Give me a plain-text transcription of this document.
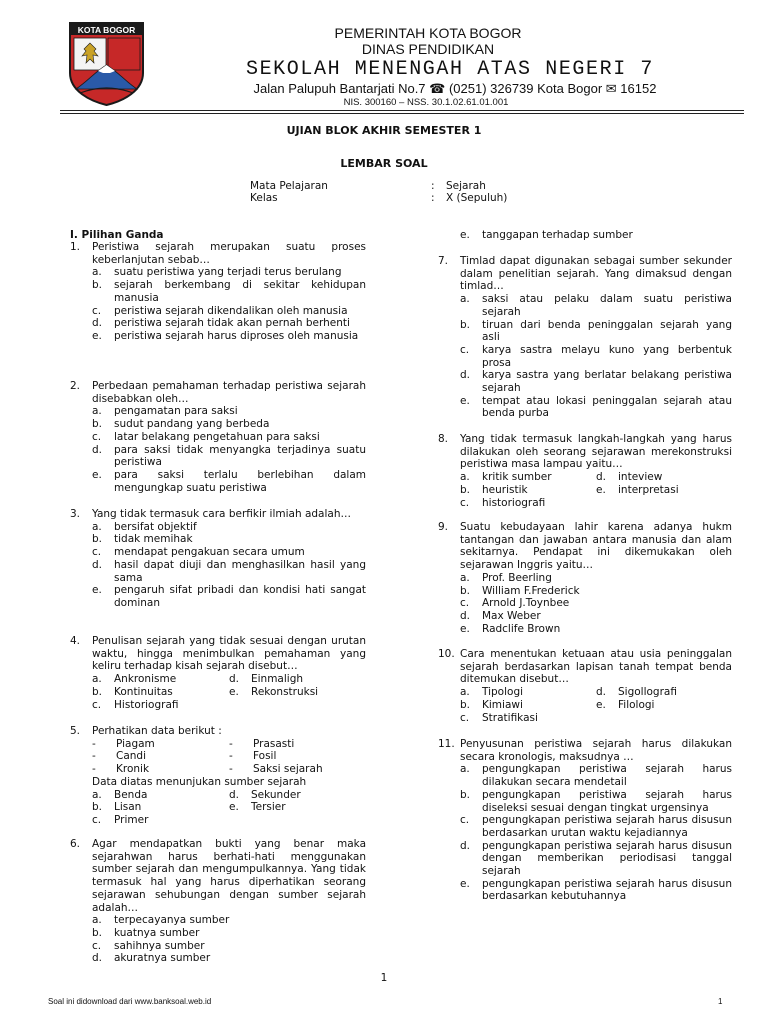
KOTA BOGOR	PEMERINTAH KOTA BOGOR
DINAS PENDIDIKAN
SEKOLAH MENENGAH ATAS NEGERI 7
Jalan Palupuh Bantarjati No.7 ☎ (0251) 326739 Kota Bogor ✉ 16152
NIS. 300160 – NSS. 30.1.02.61.01.001
UJIAN BLOK AKHIR SEMESTER 1
LEMBAR SOAL
Mata Pelajaran	: Sejarah
Kelas	: X (Sepuluh)
I. Pilihan Ganda
1.	Peristiwa sejarah merupakan suatu proses keberlanjutan sebab…
a.	suatu peristiwa yang terjadi terus berulang
b.	sejarah berkembang di sekitar kehidupan manusia
c.	peristiwa sejarah dikendalikan oleh manusia
d.	peristiwa sejarah tidak akan pernah berhenti
e.	peristiwa sejarah harus diproses oleh manusia
2.	Perbedaan pemahaman terhadap peristiwa sejarah disebabkan oleh…
a.	pengamatan para saksi
b.	sudut pandang yang berbeda
c.	latar belakang pengetahuan para saksi
d.	para saksi tidak menyangka terjadinya suatu peristiwa
e.	para saksi terlalu berlebihan dalam mengungkap suatu peristiwa
3.	Yang tidak termasuk cara berfikir ilmiah adalah…
a.	bersifat objektif
b.	tidak memihak
c.	mendapat pengakuan secara umum
d.	hasil dapat diuji dan menghasilkan hasil yang sama
e.	pengaruh sifat pribadi dan kondisi hati sangat dominan
4.	Penulisan sejarah yang tidak sesuai dengan urutan waktu, hingga menimbulkan pemahaman yang keliru terhadap kisah sejarah disebut…
a.	Ankronisme	d.	Einmaligh
b.	Kontinuitas	e.	Rekonstruksi
c.	Historiografi
5.	Perhatikan data berikut :
-	Piagam	-	Prasasti
-	Candi	-	Fosil
-	Kronik	-	Saksi sejarah
Data diatas menunjukan sumber sejarah
a.	Benda	d.	Sekunder
b.	Lisan	e.	Tersier
c.	Primer
6.	Agar mendapatkan bukti yang benar maka sejarahwan harus berhati-hati menggunakan sumber sejarah dan mengumpulkannya. Yang tidak termasuk hal yang harus diperhatikan seorang sejarawan sehubungan dengan sumber sejarah adalah…
a.	terpecayanya sumber
b.	kuatnya sumber
c.	sahihnya sumber
d.	akuratnya sumber
e.	tanggapan terhadap sumber
7.	Timlad dapat digunakan sebagai sumber sekunder dalam penelitian sejarah. Yang dimaksud dengan timlad…
a.	saksi atau pelaku dalam suatu peristiwa sejarah
b.	tiruan dari benda peninggalan sejarah yang asli
c.	karya sastra melayu kuno yang berbentuk prosa
d.	karya sastra yang berlatar belakang peristiwa sejarah
e.	tempat atau lokasi peninggalan sejarah atau benda purba
8.	Yang tidak termasuk langkah-langkah yang harus dilakukan oleh seorang sejarawan merekonstruksi peristiwa masa lampau yaitu…
a.	kritik sumber	d.	inteview
b.	heuristik	e.	interpretasi
c.	historiografi
9.	Suatu kebudayaan lahir karena adanya hukm tantangan dan jawaban antara manusia dan alam sekitarnya. Pendapat ini dikemukakan oleh sejarawan Inggris yaitu…
a.	Prof. Beerling
b.	William F.Frederick
c.	Arnold J.Toynbee
d.	Max Weber
e.	Radclife Brown
10. Cara menentukan ketuaan atau usia peninggalan sejarah berdasarkan lapisan tanah tempat benda ditemukan disebut…
a.	Tipologi	d.	Sigollografi
b.	Kimiawi	e.	Filologi
c.	Stratifikasi
11. Penyusunan peristiwa sejarah harus dilakukan secara kronologis, maksudnya …
a.	pengungkapan peristiwa sejarah harus dilakukan secara mendetail
b.	pengungkapan peristiwa sejarah harus diseleksi sesuai dengan tingkat urgensinya
c.	pengungkapan peristiwa sejarah harus disusun berdasarkan urutan waktu kejadiannya
d.	pengungkapan peristiwa sejarah harus disusun dengan memberikan periodisasi tanggal sejarah
e.	pengungkapan peristiwa sejarah harus disusun berdasarkan kebutuhannya
1
Soal ini didownload dari www.banksoal.web.id	1
